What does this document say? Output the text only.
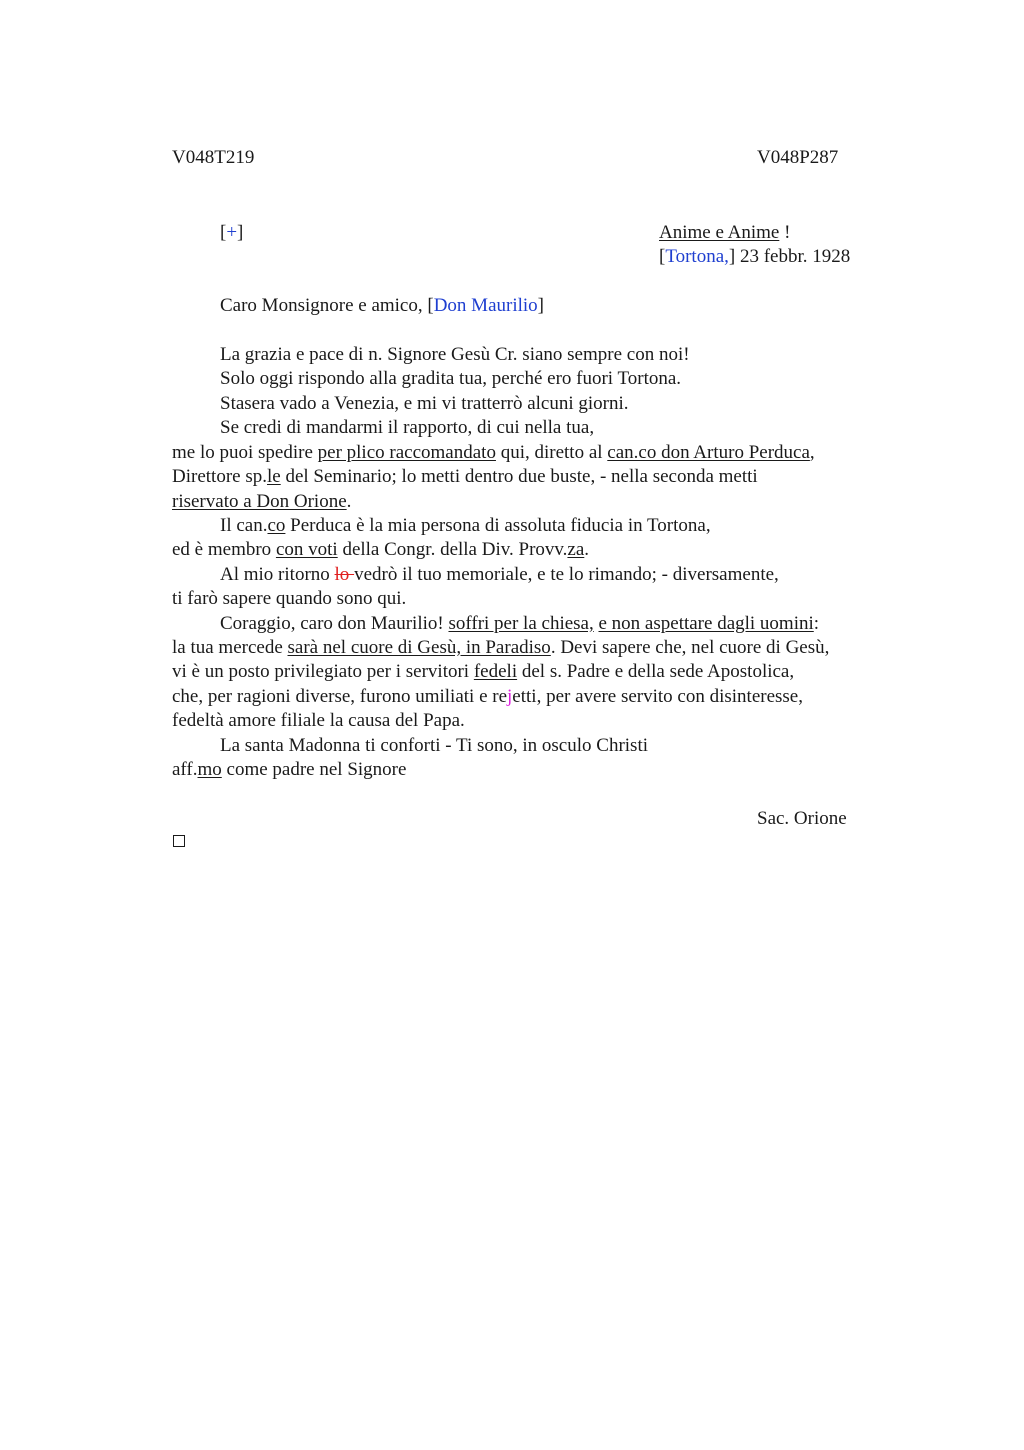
V048T219	V048P287
[+]	Anime e Anime !
[Tortona,] 23 febbr. 1928
Caro Monsignore e amico, [Don Maurilio]
La grazia e pace di n. Signore Gesù Cr. siano sempre con noi!
Solo oggi rispondo alla gradita tua, perché ero fuori Tortona.
Stasera vado a Venezia, e mi vi tratterrò alcuni giorni.
Se credi di mandarmi il rapporto, di cui nella tua,
me lo puoi spedire per plico raccomandato qui, diretto al can.co don Arturo Perduca,
Direttore sp.le del Seminario; lo metti dentro due buste, - nella seconda metti
riservato a Don Orione.
Il can.co Perduca è la mia persona di assoluta fiducia in Tortona,
ed è membro con voti della Congr. della Div. Provv.za.
Al mio ritorno lo vedrò il tuo memoriale, e te lo rimando; - diversamente,
ti farò sapere quando sono qui.
Coraggio, caro don Maurilio! soffri per la chiesa, e non aspettare dagli uomini:
la tua mercede sarà nel cuore di Gesù, in Paradiso. Devi sapere che, nel cuore di Gesù,
vi è un posto privilegiato per i servitori fedeli del s. Padre e della sede Apostolica,
che, per ragioni diverse, furono umiliati e rejetti, per avere servito con disinteresse,
fedeltà amore filiale la causa del Papa.
La santa Madonna ti conforti - Ti sono, in osculo Christi
aff.mo come padre nel Signore
Sac. Orione
